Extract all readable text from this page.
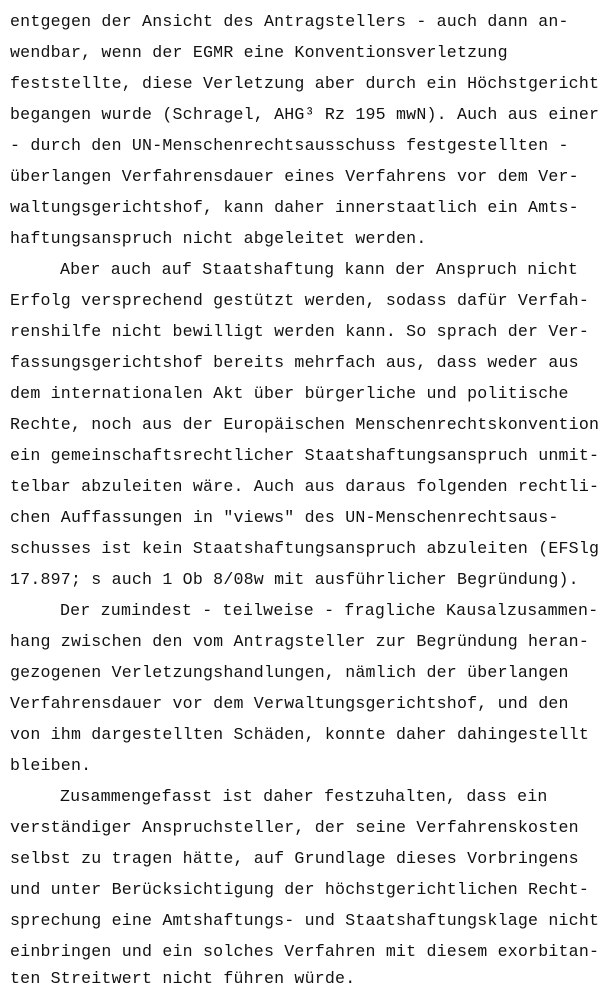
entgegen der Ansicht des Antragstellers - auch dann an-
wendbar, wenn der EGMR eine Konventionsverletzung
feststellte, diese Verletzung aber durch ein Höchstgericht
begangen wurde (Schragel, AHG³ Rz 195 mwN). Auch aus einer
- durch den UN-Menschenrechtsausschuss festgestellten -
überlangen Verfahrensdauer eines Verfahrens vor dem Ver-
waltungsgerichtshof, kann daher innerstaatlich ein Amts-
haftungsanspruch nicht abgeleitet werden.
Aber auch auf Staatshaftung kann der Anspruch nicht
Erfolg versprechend gestützt werden, sodass dafür Verfah-
renshilfe nicht bewilligt werden kann. So sprach der Ver-
fassungsgerichtshof bereits mehrfach aus, dass weder aus
dem internationalen Akt über bürgerliche und politische
Rechte, noch aus der Europäischen Menschenrechtskonvention
ein gemeinschaftsrechtlicher Staatshaftungsanspruch unmit-
telbar abzuleiten wäre. Auch aus daraus folgenden rechtli-
chen Auffassungen in "views" des UN-Menschenrechtsaus-
schusses ist kein Staatshaftungsanspruch abzuleiten (EFSlg
17.897; s auch 1 Ob 8/08w mit ausführlicher Begründung).
Der zumindest - teilweise - fragliche Kausalzusammen-
hang zwischen den vom Antragsteller zur Begründung heran-
gezogenen Verletzungshandlungen, nämlich der überlangen
Verfahrensdauer vor dem Verwaltungsgerichtshof, und den
von ihm dargestellten Schäden, konnte daher dahingestellt
bleiben.
Zusammengefasst ist daher festzuhalten, dass ein
verständiger Anspruchsteller, der seine Verfahrenskosten
selbst zu tragen hätte, auf Grundlage dieses Vorbringens
und unter Berücksichtigung der höchstgerichtlichen Recht-
sprechung eine Amtshaftungs- und Staatshaftungsklage nicht
einbringen und ein solches Verfahren mit diesem exorbitan-
ten Streitwert nicht führen würde.
